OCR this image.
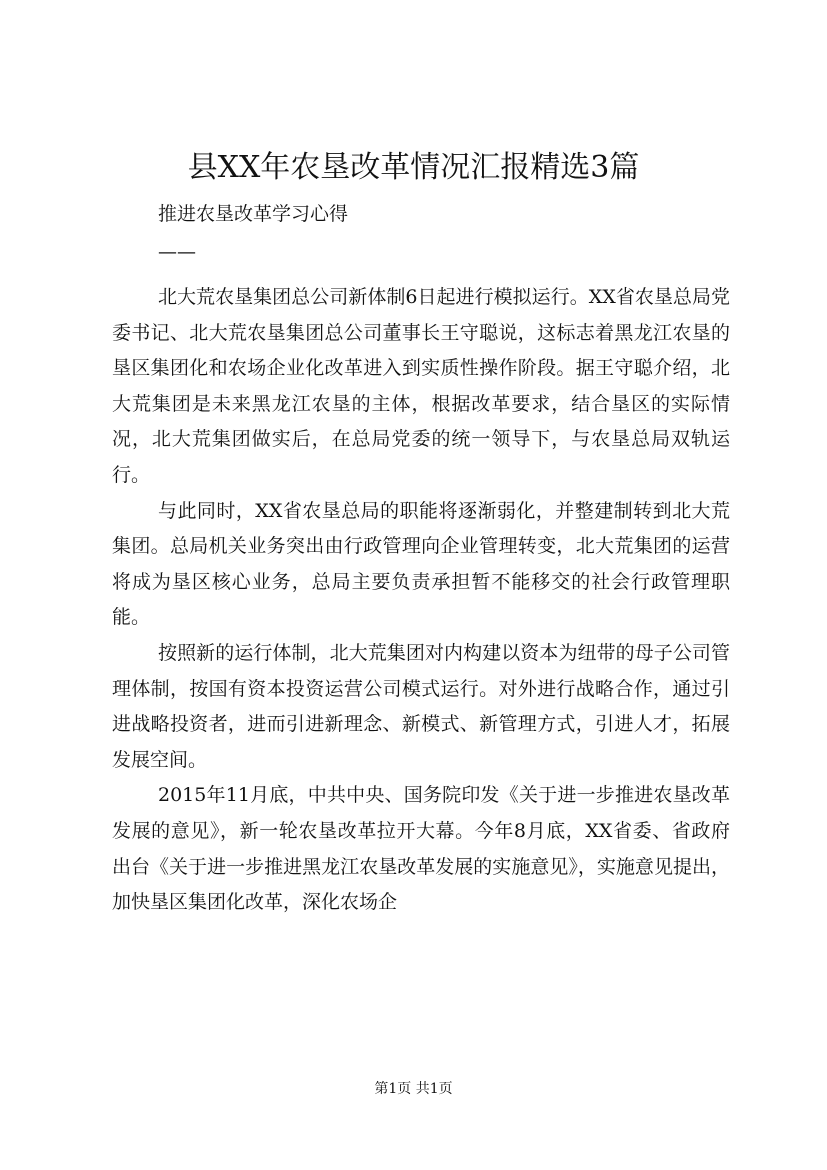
县XX年农垦改革情况汇报精选3篇
推进农垦改革学习心得
——

北大荒农垦集团总公司新体制6日起进行模拟运行。XX省农垦总局党委书记、北大荒农垦集团总公司董事长王守聪说，这标志着黑龙江农垦的垦区集团化和农场企业化改革进入到实质性操作阶段。据王守聪介绍，北大荒集团是未来黑龙江农垦的主体，根据改革要求，结合垦区的实际情况，北大荒集团做实后，在总局党委的统一领导下，与农垦总局双轨运行。

与此同时，XX省农垦总局的职能将逐渐弱化，并整建制转到北大荒集团。总局机关业务突出由行政管理向企业管理转变，北大荒集团的运营将成为垦区核心业务，总局主要负责承担暂不能移交的社会行政管理职能。

按照新的运行体制，北大荒集团对内构建以资本为纽带的母子公司管理体制，按国有资本投资运营公司模式运行。对外进行战略合作，通过引进战略投资者，进而引进新理念、新模式、新管理方式，引进人才，拓展发展空间。

2015年11月底，中共中央、国务院印发《关于进一步推进农垦改革发展的意见》，新一轮农垦改革拉开大幕。今年8月底，XX省委、省政府出台《关于进一步推进黑龙江农垦改革发展的实施意见》，实施意见提出，加快垦区集团化改革，深化农场企

第1页 共1页
